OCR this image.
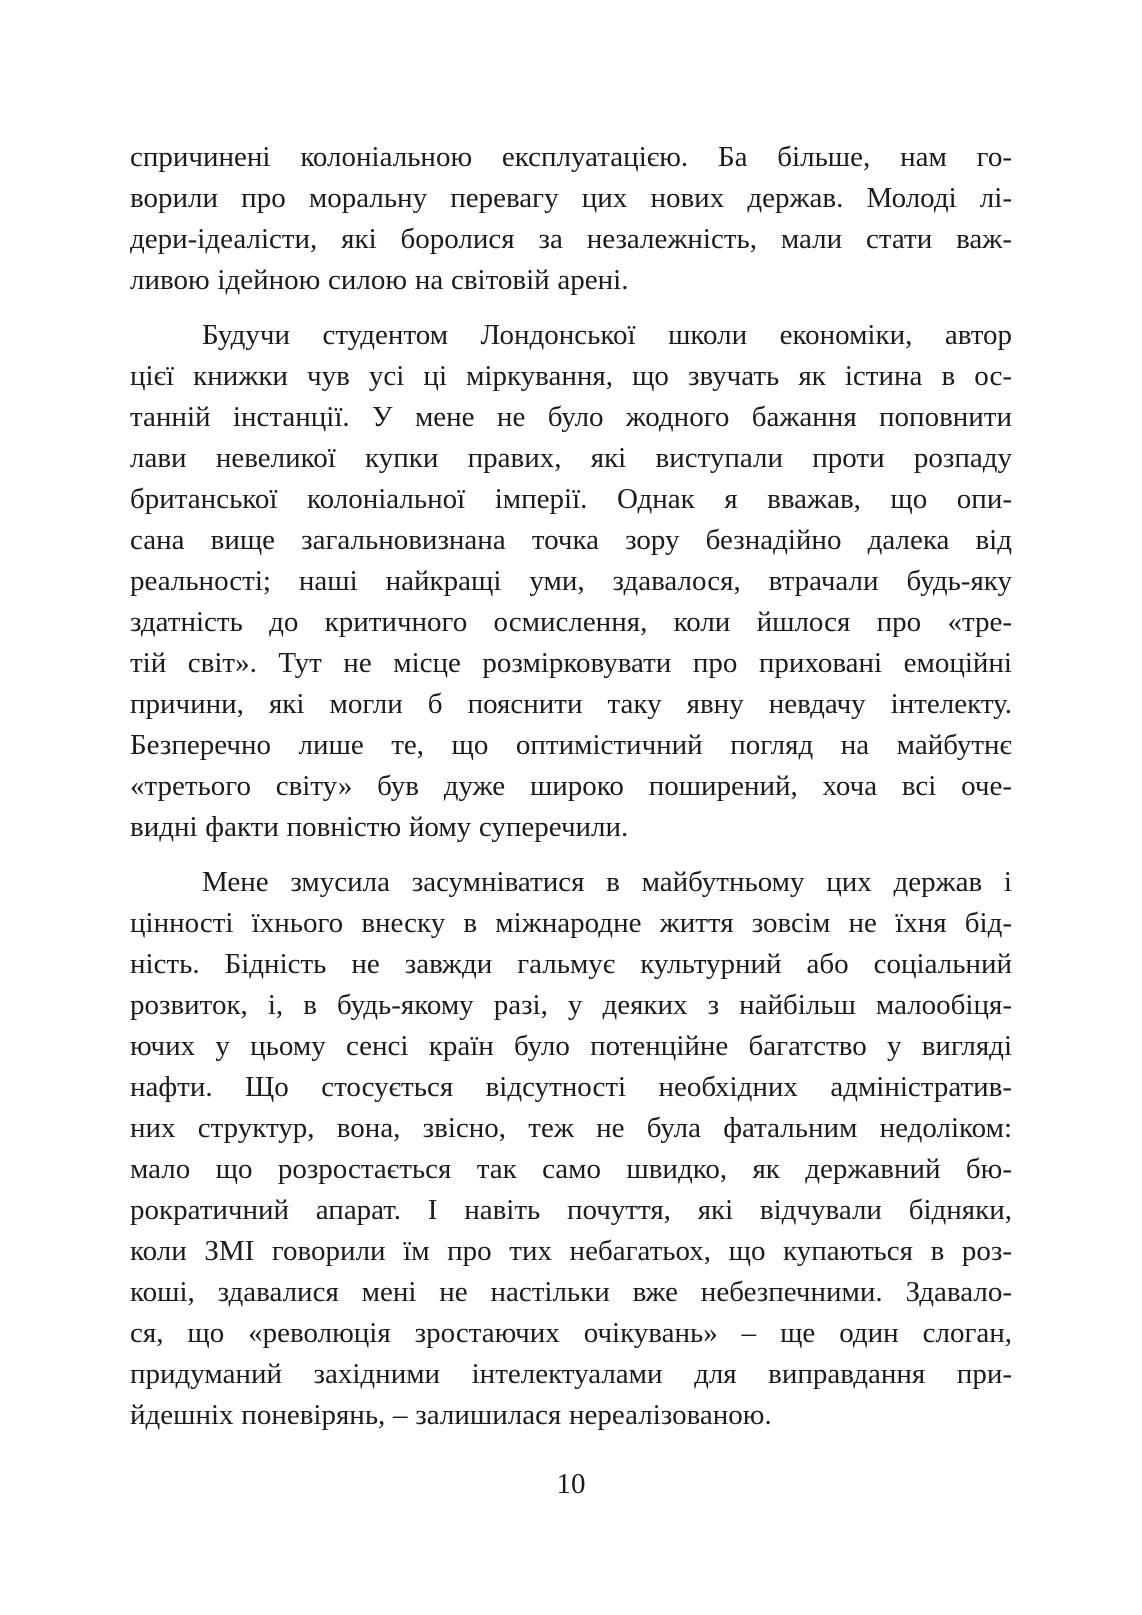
спричинені колоніальною експлуатацією. Ба більше, нам го-
ворили про моральну перевагу цих нових держав. Молоді лі-
дери-ідеалісти, які боролися за незалежність, мали стати важ-
ливою ідейною силою на світовій арені.
Будучи студентом Лондонської школи економіки, автор
цієї книжки чув усі ці міркування, що звучать як істина в ос-
танній інстанції. У мене не було жодного бажання поповнити
лави невеликої купки правих, які виступали проти розпаду
британської колоніальної імперії. Однак я вважав, що опи-
сана вище загальновизнана точка зору безнадійно далека від
реальності; наші найкращі уми, здавалося, втрачали будь-яку
здатність до критичного осмислення, коли йшлося про «тре-
тій світ». Тут не місце розмірковувати про приховані емоційні
причини, які могли б пояснити таку явну невдачу інтелекту.
Безперечно лише те, що оптимістичний погляд на майбутнє
«третього світу» був дуже широко поширений, хоча всі оче-
видні факти повністю йому суперечили.
Мене змусила засумніватися в майбутньому цих держав і
цінності їхнього внеску в міжнародне життя зовсім не їхня бід-
ність. Бідність не завжди гальмує культурний або соціальний
розвиток, і, в будь-якому разі, у деяких з найбільш малообіця-
ючих у цьому сенсі країн було потенційне багатство у вигляді
нафти. Що стосується відсутності необхідних адміністратив-
них структур, вона, звісно, теж не була фатальним недоліком:
мало що розростається так само швидко, як державний бю-
рократичний апарат. І навіть почуття, які відчували бідняки,
коли ЗМІ говорили їм про тих небагатьох, що купаються в роз-
коші, здавалися мені не настільки вже небезпечними. Здавало-
ся, що «революція зростаючих очікувань» – ще один слоган,
придуманий західними інтелектуалами для виправдання при-
йдешніх поневірянь, – залишилася нереалізованою.
10
